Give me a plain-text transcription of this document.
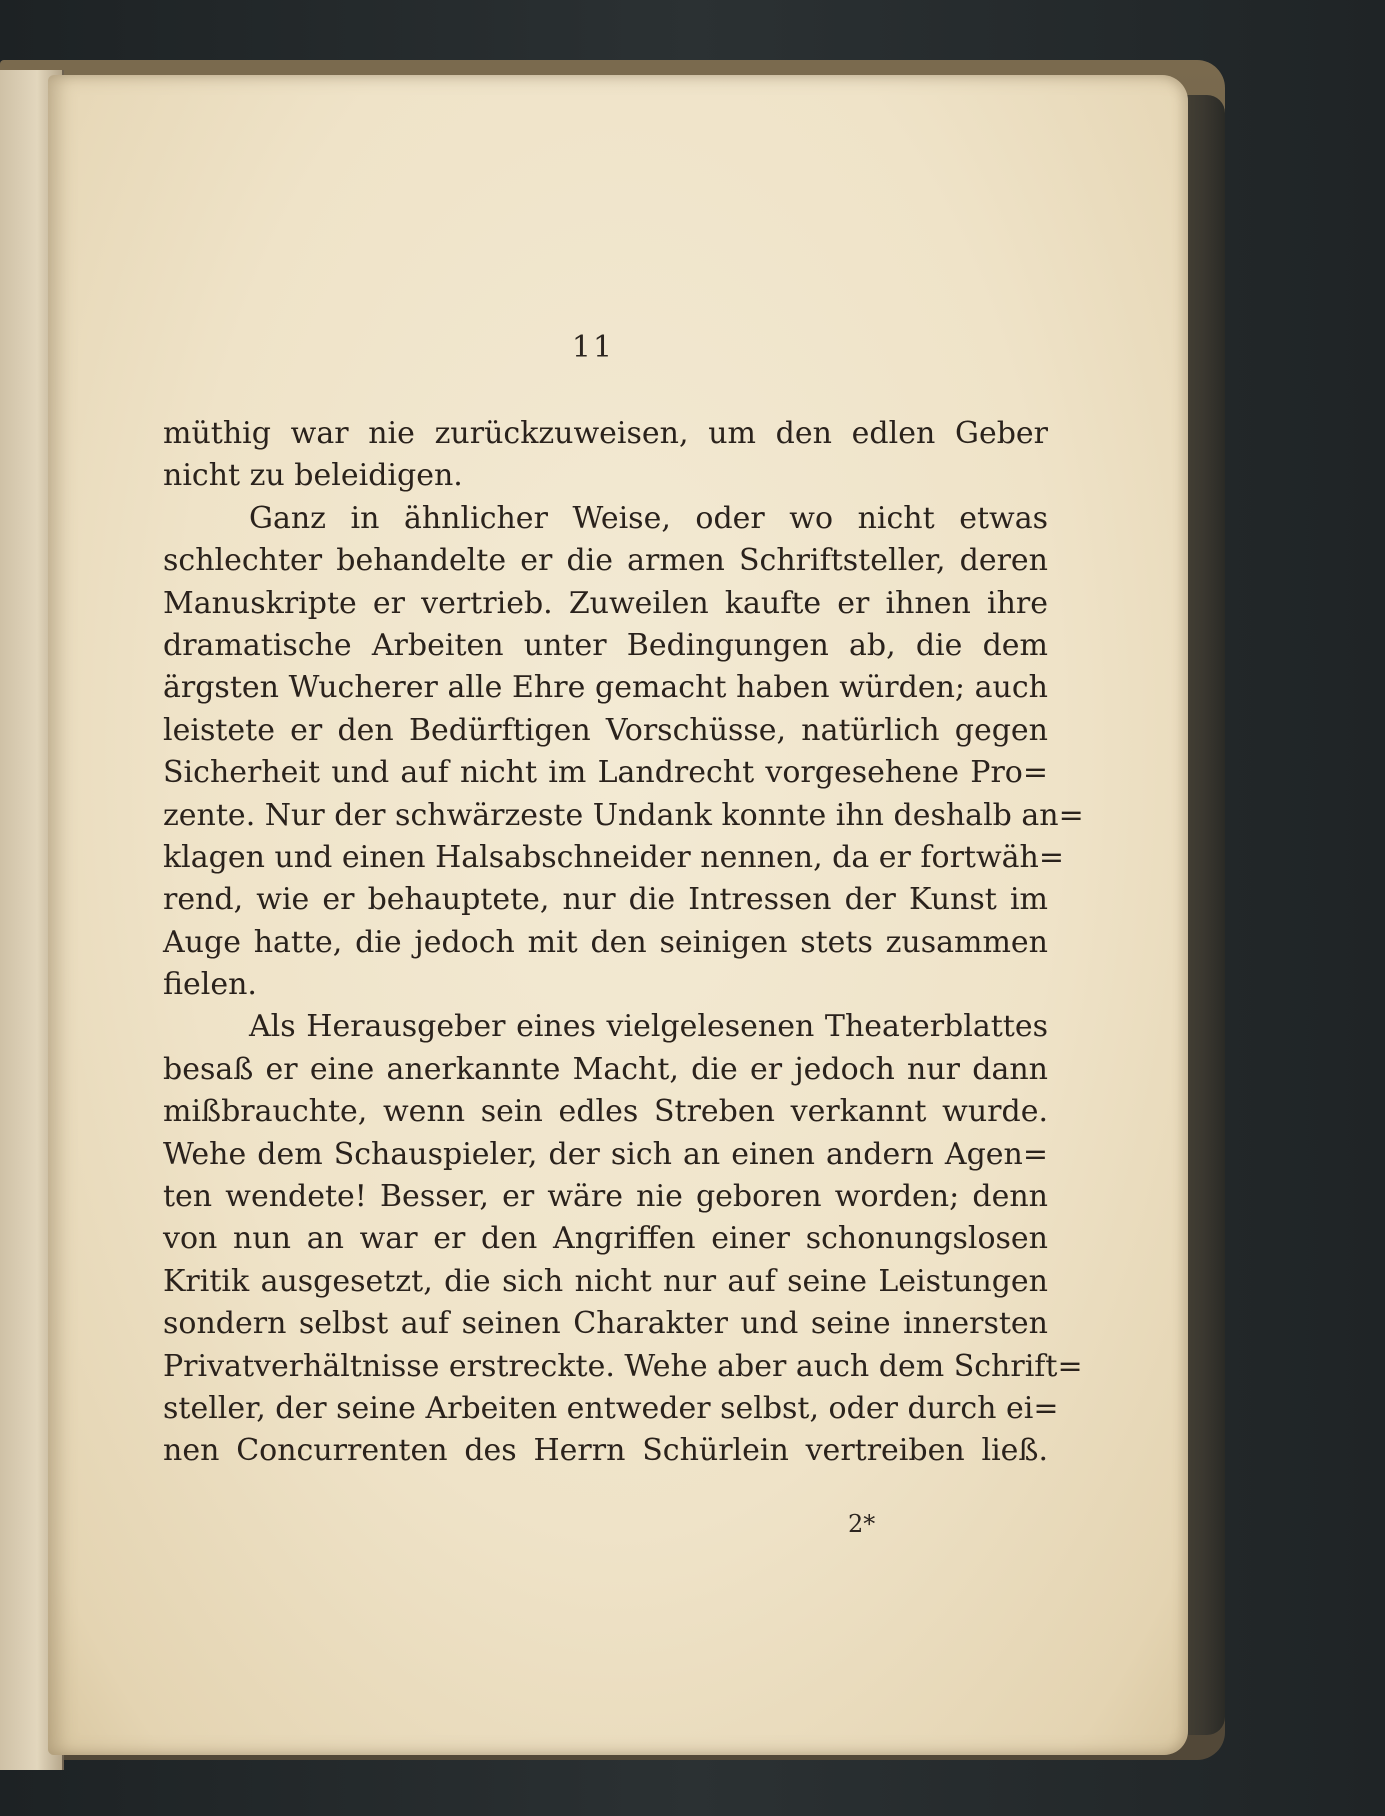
11
müthig war nie zurückzuweisen, um den edlen Geber
nicht zu beleidigen.
Ganz in ähnlicher Weise, oder wo nicht etwas
schlechter behandelte er die armen Schriftsteller, deren
Manuskripte er vertrieb. Zuweilen kaufte er ihnen ihre
dramatische Arbeiten unter Bedingungen ab, die dem
ärgsten Wucherer alle Ehre gemacht haben würden; auch
leistete er den Bedürftigen Vorschüsse, natürlich gegen
Sicherheit und auf nicht im Landrecht vorgesehene Pro=
zente. Nur der schwärzeste Undank konnte ihn deshalb an=
klagen und einen Halsabschneider nennen, da er fortwäh=
rend, wie er behauptete, nur die Intressen der Kunst im
Auge hatte, die jedoch mit den seinigen stets zusammen
fielen.
Als Herausgeber eines vielgelesenen Theaterblattes
besaß er eine anerkannte Macht, die er jedoch nur dann
mißbrauchte, wenn sein edles Streben verkannt wurde.
Wehe dem Schauspieler, der sich an einen andern Agen=
ten wendete! Besser, er wäre nie geboren worden; denn
von nun an war er den Angriffen einer schonungslosen
Kritik ausgesetzt, die sich nicht nur auf seine Leistungen
sondern selbst auf seinen Charakter und seine innersten
Privatverhältnisse erstreckte. Wehe aber auch dem Schrift=
steller, der seine Arbeiten entweder selbst, oder durch ei=
nen Concurrenten des Herrn Schürlein vertreiben ließ.
2*
